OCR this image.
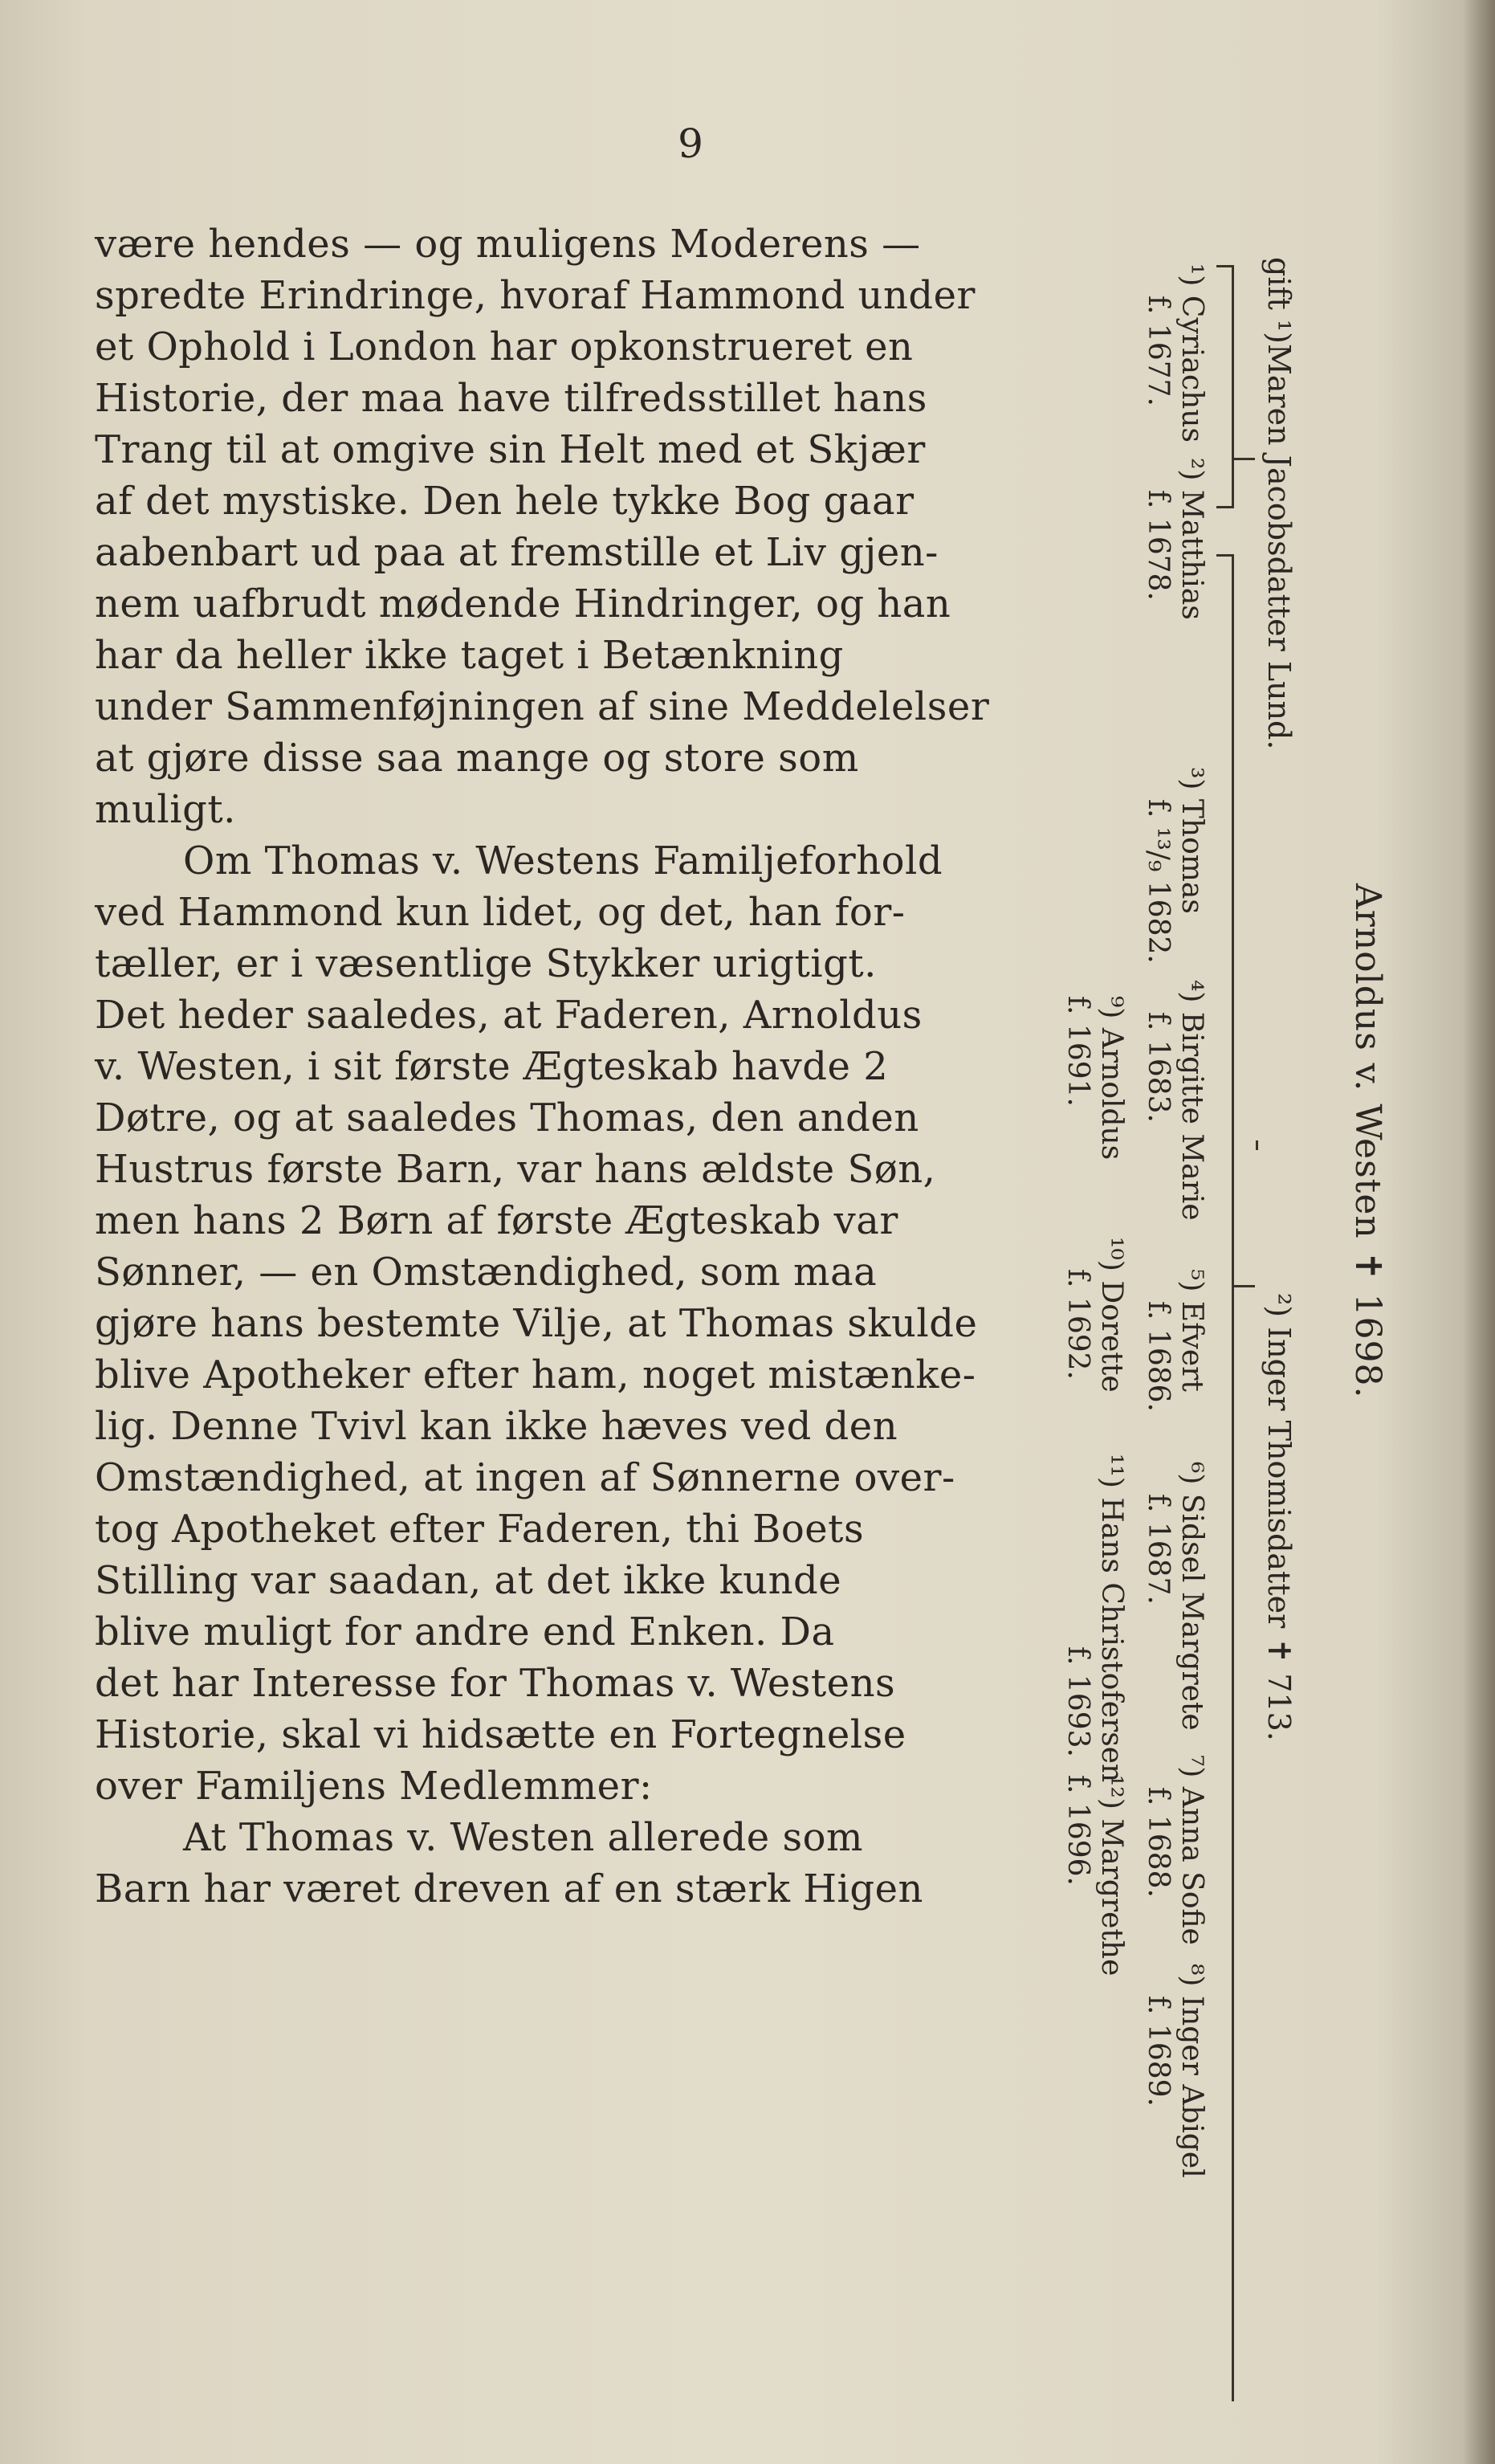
9
være hendes — og muligens Moderens —
spredte Erindringe, hvoraf Hammond under
et Ophold i London har opkonstrueret en
Historie, der maa have tilfredsstillet hans
Trang til at omgive sin Helt med et Skjær
af det mystiske. Den hele tykke Bog gaar
aabenbart ud paa at fremstille et Liv gjen-
nem uafbrudt mødende Hindringer, og han
har da heller ikke taget i Betænkning
under Sammenføjningen af sine Meddelelser
at gjøre disse saa mange og store som
muligt.
Om Thomas v. Westens Familjeforhold
ved Hammond kun lidet, og det, han for-
tæller, er i væsentlige Stykker urigtigt.
Det heder saaledes, at Faderen, Arnoldus
v. Westen, i sit første Ægteskab havde 2
Døtre, og at saaledes Thomas, den anden
Hustrus første Barn, var hans ældste Søn,
men hans 2 Børn af første Ægteskab var
Sønner, — en Omstændighed, som maa
gjøre hans bestemte Vilje, at Thomas skulde
blive Apotheker efter ham, noget mistænke-
lig. Denne Tvivl kan ikke hæves ved den
Omstændighed, at ingen af Sønnerne over-
tog Apotheket efter Faderen, thi Boets
Stilling var saadan, at det ikke kunde
blive muligt for andre end Enken. Da
det har Interesse for Thomas v. Westens
Historie, skal vi hidsætte en Fortegnelse
over Familjens Medlemmer:
At Thomas v. Westen allerede som
Barn har været dreven af en stærk Higen
gift ¹)Maren Jacobsdatter Lund.
Arnoldus v. Westen ✝ 1698.
²) Inger Thomisdatter ✝ 713.
¹) Cyriachus
f. 1677.
²) Matthias
f. 1678.
³) Thomas
f. ¹³/₉ 1682.
⁴) Birgitte Marie
f. 1683.
⁵) Efvert
f. 1686.
⁶) Sidsel Margrete
f. 1687.
⁷) Anna Sofie
f. 1688.
⁸) Inger Abigel
f. 1689.
⁹) Arnoldus
f. 1691.
¹⁰) Dorette
f. 1692.
¹¹) Hans Christofersen
f. 1693.
¹²) Margrethe
f. 1696.
